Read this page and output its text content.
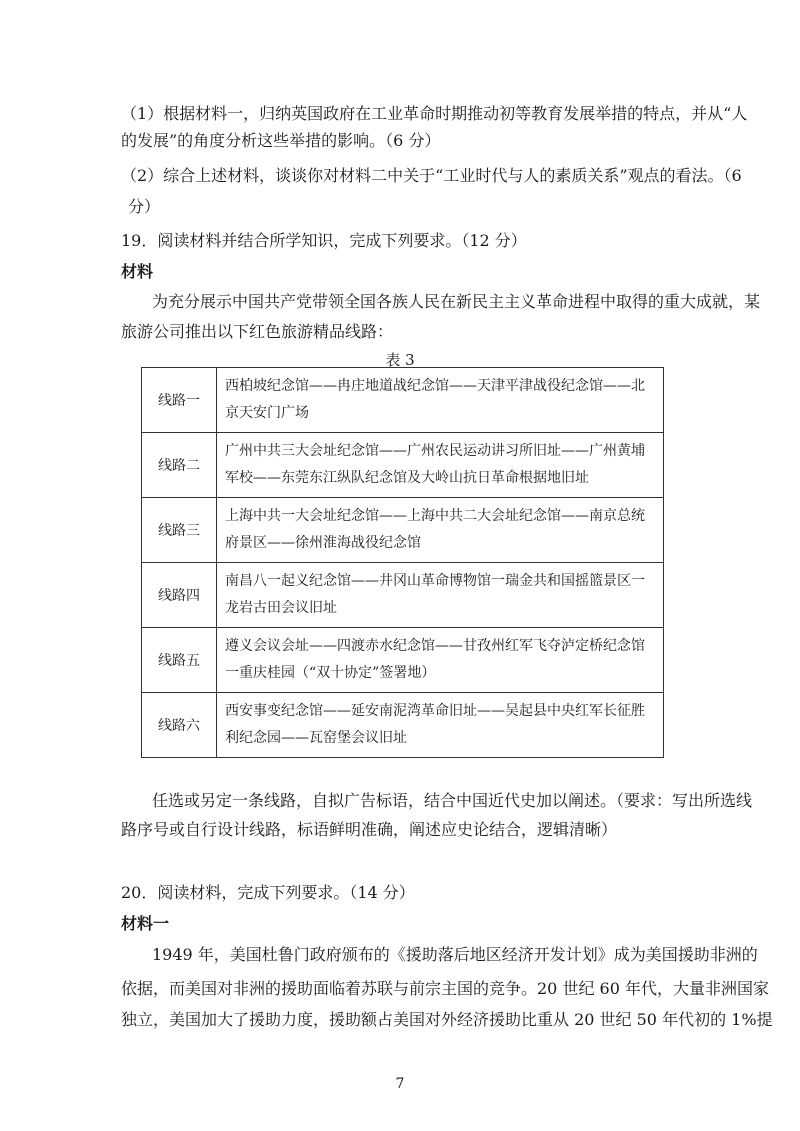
（1）根据材料一，归纳英国政府在工业革命时期推动初等教育发展举措的特点，并从“人
的发展”的角度分析这些举措的影响。（6 分）
（2）综合上述材料，谈谈你对材料二中关于“工业时代与人的素质关系”观点的看法。（6
分）
19．阅读材料并结合所学知识，完成下列要求。（12 分）
材料
为充分展示中国共产党带领全国各族人民在新民主主义革命进程中取得的重大成就，某
旅游公司推出以下红色旅游精品线路：
表 3
线路一	西柏坡纪念馆——冉庄地道战纪念馆——天津平津战役纪念馆——北京天安门广场
线路二	广州中共三大会址纪念馆——广州农民运动讲习所旧址——广州黄埔军校——东莞东江纵队纪念馆及大岭山抗日革命根据地旧址
线路三	上海中共一大会址纪念馆——上海中共二大会址纪念馆——南京总统府景区——徐州淮海战役纪念馆
线路四	南昌八一起义纪念馆——井冈山革命博物馆一瑞金共和国摇篮景区一龙岩古田会议旧址
线路五	遵义会议会址——四渡赤水纪念馆——甘孜州红军飞夺泸定桥纪念馆一重庆桂园（“双十协定”签署地）
线路六	西安事变纪念馆——延安南泥湾革命旧址——吴起县中央红军长征胜利纪念园——瓦窑堡会议旧址
任选或另定一条线路，自拟广告标语，结合中国近代史加以阐述。（要求：写出所选线
路序号或自行设计线路，标语鲜明准确，阐述应史论结合，逻辑清晰）
20．阅读材料，完成下列要求。（14 分）
材料一
1949 年，美国杜鲁门政府颁布的《援助落后地区经济开发计划》成为美国援助非洲的
依据，而美国对非洲的援助面临着苏联与前宗主国的竞争。20 世纪 60 年代，大量非洲国家
独立，美国加大了援助力度，援助额占美国对外经济援助比重从 20 世纪 50 年代初的 1%提
7
